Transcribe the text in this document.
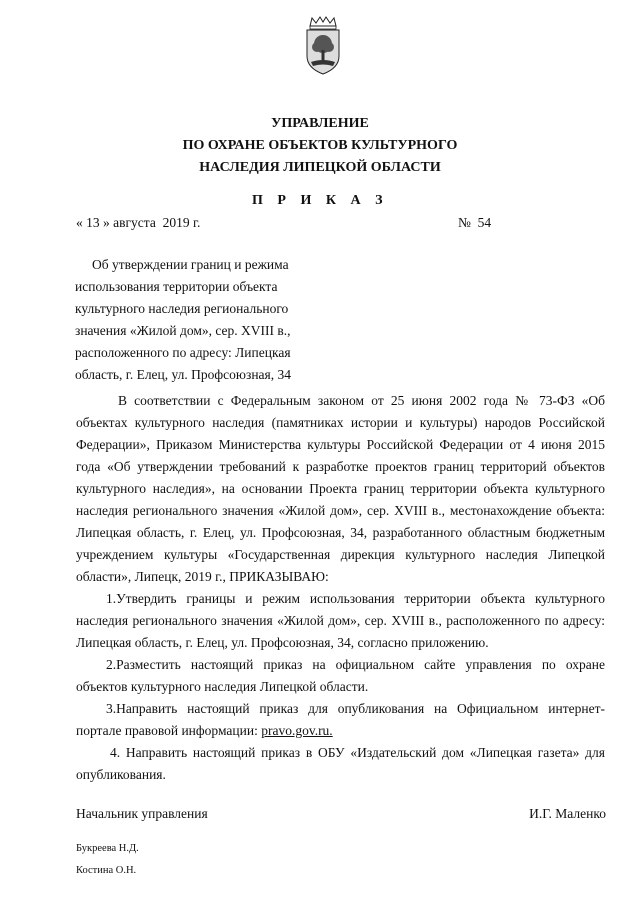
УПРАВЛЕНИЕ
ПО ОХРАНЕ ОБЪЕКТОВ КУЛЬТУРНОГО
НАСЛЕДИЯ ЛИПЕЦКОЙ ОБЛАСТИ
П Р И К А З
« 13 » августа  2019 г.	№  54
Об утверждении границ и режима
использования территории объекта
культурного наследия регионального
значения «Жилой дом», сер. XVIII в.,
расположенного по адресу: Липецкая
область, г. Елец, ул. Профсоюзная, 34

В соответствии с Федеральным законом от 25 июня 2002 года № 73-ФЗ «Об объектах культурного наследия (памятниках истории и культуры) народов Российской Федерации», Приказом Министерства культуры Российской Федерации от 4 июня 2015 года «Об утверждении требований к разработке проектов границ территорий объектов культурного наследия», на основании Проекта границ территории объекта культурного наследия регионального значения «Жилой дом», сер. XVIII в., местонахождение объекта: Липецкая область, г. Елец, ул. Профсоюзная, 34, разработанного областным бюджетным учреждением культуры «Государственная дирекция культурного наследия Липецкой области», Липецк, 2019 г., ПРИКАЗЫВАЮ:

1.Утвердить границы и режим использования территории объекта культурного наследия регионального значения «Жилой дом», сер. XVIII в., расположенного по адресу: Липецкая область, г. Елец, ул. Профсоюзная, 34, согласно приложению.

2.Разместить настоящий приказ на официальном сайте управления по охране объектов культурного наследия Липецкой области.

3.Направить настоящий приказ для опубликования на Официальном интернет-портале правовой информации: pravo.gov.ru.

4. Направить настоящий приказ в ОБУ «Издательский дом «Липецкая газета» для опубликования.

Начальник управления	И.Г. Маленко
Букреева Н.Д.
Костина О.Н.
